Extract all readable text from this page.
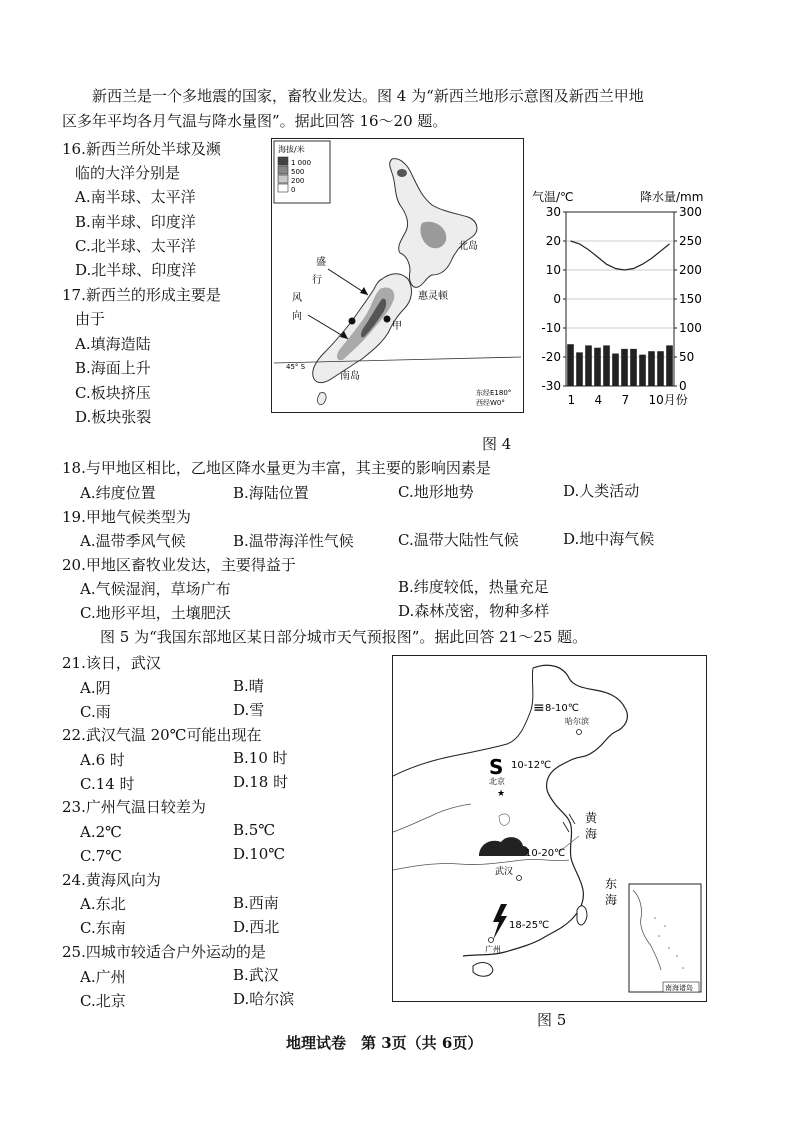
新西兰是一个多地震的国家，畜牧业发达。图 4 为“新西兰地形示意图及新西兰甲地
区多年平均各月气温与降水量图”。据此回答 16～20 题。
16.新西兰所处半球及濒
临的大洋分别是
A.南半球、太平洋
B.南半球、印度洋
C.北半球、太平洋
D.北半球、印度洋
17.新西兰的形成主要是
由于
A.填海造陆
B.海面上升
C.板块挤压
D.板块张裂
海拔/米
1 000
500
200
0
北岛
惠灵顿
南岛
盛
行
风
向
甲
45° S
东经E180°
西经W0°
气温/℃	降水量/mm
30	300
20	250
10	200
0	150
-10	100
-20	50
-30	0
1 4 7 10月份
图 4
18.与甲地区相比，乙地区降水量更为丰富，其主要的影响因素是
A.纬度位置	B.海陆位置	C.地形地势	D.人类活动
19.甲地气候类型为
A.温带季风气候	B.温带海洋性气候	C.温带大陆性气候	D.地中海气候
20.甲地区畜牧业发达，主要得益于
A.气候湿润，草场广布	B.纬度较低，热量充足
C.地形平坦，土壤肥沃	D.森林茂密，物种多样
图 5 为“我国东部地区某日部分城市天气预报图”。据此回答 21～25 题。
21.该日，武汉
A.阴	B.晴
C.雨	D.雪
22.武汉气温 20℃可能出现在
A.6 时	B.10 时
C.14 时	D.18 时
23.广州气温日较差为
A.2℃	B.5℃
C.7℃	D.10℃
24.黄海风向为
A.东北	B.西南
C.东南	D.西北
25.四城市较适合户外运动的是
A.广州	B.武汉
C.北京	D.哈尔滨
≡ 8-10℃
哈尔滨
S 10-12℃
北京
★
黄
海
10-20℃
武汉
东
海
18-25℃
广州
南海诸岛
图 5
地理试卷　第 3页（共 6页）
